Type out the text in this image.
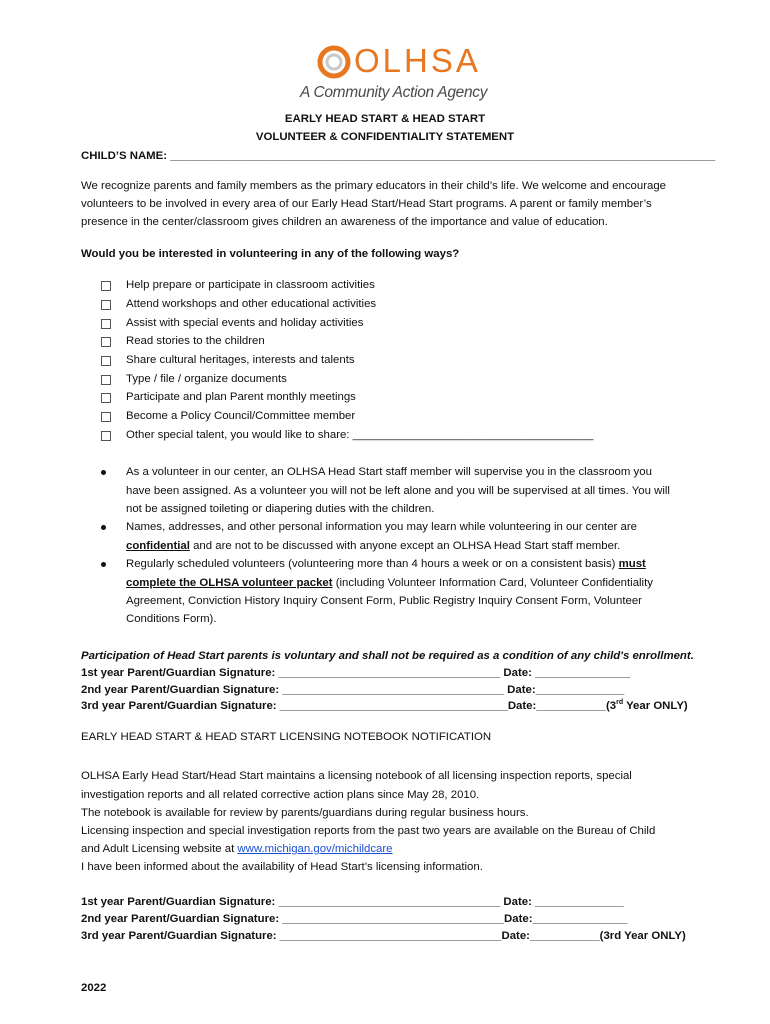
OLHSA
A Community Action Agency
EARLY HEAD START & HEAD START
VOLUNTEER & CONFIDENTIALITY STATEMENT
CHILD’S NAME: ______________________________________________________________________________________
We recognize parents and family members as the primary educators in their child’s life. We welcome and encourage
volunteers to be involved in every area of our Early Head Start/Head Start programs. A parent or family member’s
presence in the center/classroom gives children an awareness of the importance and value of education.
Would you be interested in volunteering in any of the following ways?
Help prepare or participate in classroom activities
Attend workshops and other educational activities
Assist with special events and holiday activities
Read stories to the children
Share cultural heritages, interests and talents
Type / file / organize documents
Participate and plan Parent monthly meetings
Become a Policy Council/Committee member
Other special talent, you would like to share: ______________________________________
As a volunteer in our center, an OLHSA Head Start staff member will supervise you in the classroom you
have been assigned. As a volunteer you will not be left alone and you will be supervised at all times. You will
not be assigned toileting or diapering duties with the children.
Names, addresses, and other personal information you may learn while volunteering in our center are
confidential and are not to be discussed with anyone except an OLHSA Head Start staff member.
Regularly scheduled volunteers (volunteering more than 4 hours a week or on a consistent basis) must
complete the OLHSA volunteer packet (including Volunteer Information Card, Volunteer Confidentiality
Agreement, Conviction History Inquiry Consent Form, Public Registry Inquiry Consent Form, Volunteer
Conditions Form).
Participation of Head Start parents is voluntary and shall not be required as a condition of any child's enrollment.
1st year Parent/Guardian Signature: ___________________________________ Date: _______________
2nd year Parent/Guardian Signature: ___________________________________ Date:______________
3rd year Parent/Guardian Signature: ____________________________________Date:___________(3rd Year ONLY)
EARLY HEAD START & HEAD START LICENSING NOTEBOOK NOTIFICATION
OLHSA Early Head Start/Head Start maintains a licensing notebook of all licensing inspection reports, special
investigation reports and all related corrective action plans since May 28, 2010.
The notebook is available for review by parents/guardians during regular business hours.
Licensing inspection and special investigation reports from the past two years are available on the Bureau of Child
and Adult Licensing website at www.michigan.gov/michildcare
I have been informed about the availability of Head Start’s licensing information.
1st year Parent/Guardian Signature: ___________________________________ Date: ______________
2nd year Parent/Guardian Signature: ___________________________________Date:_______________
3rd year Parent/Guardian Signature: ___________________________________Date:___________(3rd Year ONLY)
2022
